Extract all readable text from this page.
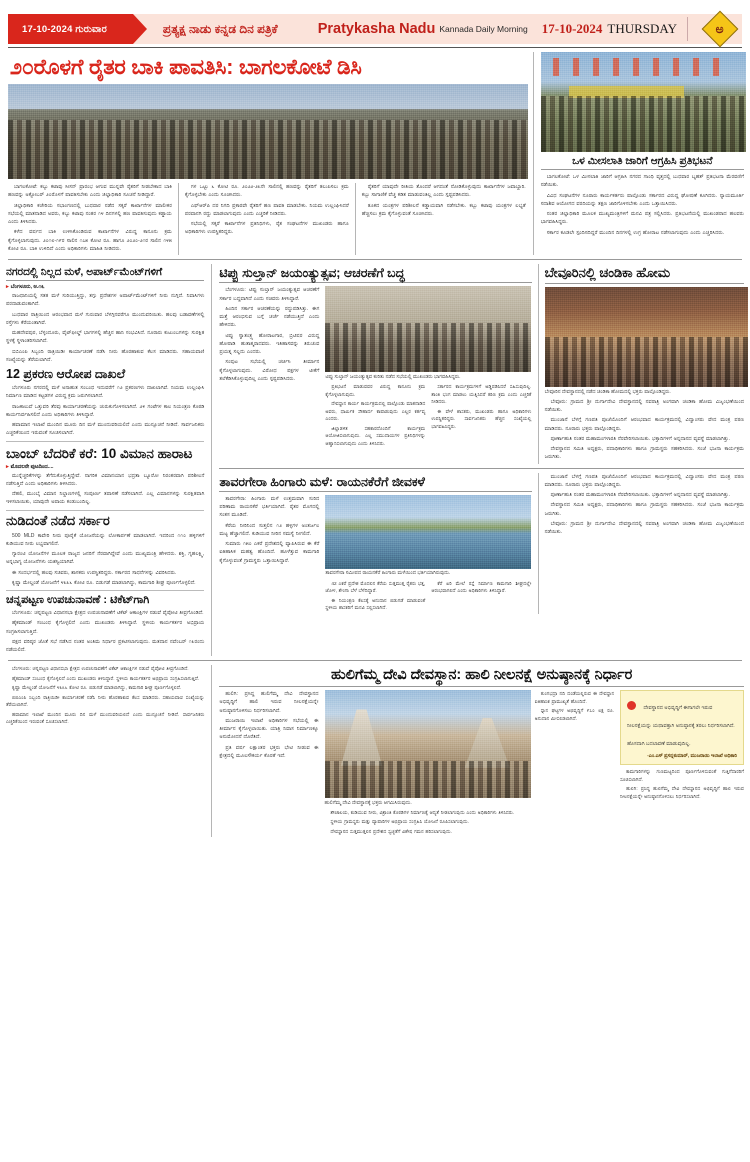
17-10-2024 ಗುರುವಾರ	ಪ್ರತ್ಯಕ್ಷ ನಾಡು ಕನ್ನಡ ದಿನ ಪತ್ರಿಕೆ	Pratykasha Nadu Kannada Daily Morning 17-10-2024 THURSDAY	ಅ
೨೦ರೊಳಗೆ ರೈತರ ಬಾಕಿ ಪಾವತಿಸಿ: ಬಾಗಲಕೋಟೆ ಡಿಸಿ

ಬಾಗಲಕೋಟೆ: ಕಬ್ಬು ಕಟಾವು ಸೀಸನ್ ಪ್ರಾರಂಭ ಆಗುವ ಮುನ್ನವೇ ರೈತರಿಗೆ ನೀಡಬೇಕಾದ ಬಾಕಿ ಹಣವನ್ನು ಅಕ್ಟೋಬರ್ ೨೦ರೊಳಗೆ ಪಾವತಿಸಬೇಕು ಎಂದು ಜಿಲ್ಲಾಧಿಕಾರಿ ಸೂಚನೆ ನೀಡಿದ್ದಾರೆ.

ಜಿಲ್ಲಾಧಿಕಾರಿ ಕಚೇರಿಯ ಸಭಾಂಗಣದಲ್ಲಿ ಬುಧವಾರ ನಡೆದ ಸಕ್ಕರೆ ಕಾರ್ಖಾನೆಗಳ ಮಾಲೀಕರ ಸಭೆಯಲ್ಲಿ ಮಾತನಾಡಿದ ಅವರು, ಕಬ್ಬು ಕಟಾವು ನಂತರ ೧೪ ದಿನಗಳಲ್ಲಿ ಹಣ ಪಾವತಿಸುವುದು ಕಡ್ಡಾಯ ಎಂದು ತಿಳಿಸಿದರು.

ಕಳೆದ ವರ್ಷದ ಬಾಕಿ ಉಳಿಸಿಕೊಂಡಿರುವ ಕಾರ್ಖಾನೆಗಳ ವಿರುದ್ಧ ಕಾನೂನು ಕ್ರಮ ಕೈಗೊಳ್ಳಲಾಗುವುದು. ೨೦೧೮-೧೯ರ ಸಾಲಿನ ೧೭೫ ಕೋಟಿ ರೂ. ಹಾಗೂ ೨೦೨೦-೨೧ರ ಸಾಲಿನ ೧೪೫ ಕೋಟಿ ರೂ. ಬಾಕಿ ಉಳಿದಿದೆ ಎಂದು ಅಧಿಕಾರಿಗಳು ಮಾಹಿತಿ ನೀಡಿದರು.

ಗಳ ಒಟ್ಟು ೬ ಕೋಟಿ ರೂ. ೨೦೨೨-೨೩ನೇ ಸಾಲಿನಲ್ಲಿ ಹಣವನ್ನು ರೈತರಿಗೆ ತಲುಪಿಸಲು ಕ್ರಮ ಕೈಗೊಳ್ಳಬೇಕು ಎಂದು ಸೂಚಿಸಿದರು.

ಎಫ್‌ಆರ್‌ಪಿ ದರ ನಿಗದಿ ಪ್ರಕಾರವೇ ರೈತರಿಗೆ ಹಣ ಪಾವತಿ ಮಾಡಬೇಕು. ನಿಯಮ ಉಲ್ಲಂಘಿಸಿದರೆ ಪರವಾನಗಿ ರದ್ದು ಮಾಡಲಾಗುವುದು ಎಂದು ಎಚ್ಚರಿಕೆ ನೀಡಿದರು.

ಸಭೆಯಲ್ಲಿ ಸಕ್ಕರೆ ಕಾರ್ಖಾನೆಗಳ ಪ್ರತಿನಿಧಿಗಳು, ರೈತ ಸಂಘಟನೆಗಳ ಮುಖಂಡರು ಹಾಗೂ ಅಧಿಕಾರಿಗಳು ಉಪಸ್ಥಿತರಿದ್ದರು.

ರೈತರಿಗೆ ಯಾವುದೇ ರೀತಿಯ ತೊಂದರೆ ಆಗದಂತೆ ನೋಡಿಕೊಳ್ಳುವುದು ಕಾರ್ಖಾನೆಗಳ ಜವಾಬ್ದಾರಿ. ಕಬ್ಬು ಸಾಗಾಣಿಕೆ ವೆಚ್ಚ ಕಡಿತ ಮಾಡುವಂತಿಲ್ಲ ಎಂದು ಸ್ಪಷ್ಟಪಡಿಸಿದರು.

ತೂಕದ ಯಂತ್ರಗಳ ಪರಿಶೀಲನೆ ಕಡ್ಡಾಯವಾಗಿ ನಡೆಸಬೇಕು. ಕಬ್ಬು ಕಟಾವು ಯಂತ್ರಗಳ ಲಭ್ಯತೆ ಹೆಚ್ಚಿಸಲು ಕ್ರಮ ಕೈಗೊಳ್ಳುವಂತೆ ಸೂಚಿಸಿದರು.

ಒಳ ಮೀಸಲಾತಿ ಜಾರಿಗೆ ಆಗ್ರಹಿಸಿ ಪ್ರತಿಭಟನೆ

ಬಾಗಲಕೋಟೆ: ಒಳ ಮೀಸಲಾತಿ ಜಾರಿಗೆ ಆಗ್ರಹಿಸಿ ನಗರದ ಗಾಂಧಿ ವೃತ್ತದಲ್ಲಿ ಬುಧವಾರ ಬೃಹತ್ ಪ್ರತಿಭಟನಾ ಮೆರವಣಿಗೆ ನಡೆಯಿತು.

ವಿವಿಧ ಸಂಘಟನೆಗಳ ನೂರಾರು ಕಾರ್ಯಕರ್ತರು ಪಾಲ್ಗೊಂಡು ಸರ್ಕಾರದ ವಿರುದ್ಧ ಘೋಷಣೆ ಕೂಗಿದರು. ನ್ಯಾಯಮೂರ್ತಿ ಸದಾಶಿವ ಆಯೋಗದ ವರದಿಯನ್ನು ತಕ್ಷಣ ಜಾರಿಗೊಳಿಸಬೇಕು ಎಂದು ಒತ್ತಾಯಿಸಿದರು.

ನಂತರ ಜಿಲ್ಲಾಧಿಕಾರಿ ಮೂಲಕ ಮುಖ್ಯಮಂತ್ರಿಗಳಿಗೆ ಮನವಿ ಪತ್ರ ಸಲ್ಲಿಸಿದರು. ಪ್ರತಿಭಟನೆಯಲ್ಲಿ ಮುಖಂಡರಾದ ಹಲವರು ಭಾಗವಹಿಸಿದ್ದರು.

ಸರ್ಕಾರ ಕೂಡಲೇ ಸ್ಪಂದಿಸದಿದ್ದರೆ ಮುಂದಿನ ದಿನಗಳಲ್ಲಿ ಉಗ್ರ ಹೋರಾಟ ನಡೆಸಲಾಗುವುದು ಎಂದು ಎಚ್ಚರಿಸಿದರು.

ನಗರದಲ್ಲಿ ನಿಲ್ಲದ ಮಳೆ, ಅಪಾರ್ಟ್‌ಮೆಂಟ್‌ಗಳಿಗೆ
▸ ಬೆಂಗಳೂರು, ಅ.೧೬

ರಾಜಧಾನಿಯಲ್ಲಿ ಸತತ ಮಳೆ ಸುರಿಯುತ್ತಿದ್ದು, ತಗ್ಗು ಪ್ರದೇಶಗಳ ಅಪಾರ್ಟ್‌ಮೆಂಟ್‌ಗಳಿಗೆ ನೀರು ನುಗ್ಗಿದೆ. ನಿವಾಸಿಗಳು ಪರದಾಡುವಂತಾಗಿದೆ.

ಬುಧವಾರ ರಾತ್ರಿಯಿಂದ ಆರಂಭವಾದ ಮಳೆ ಗುರುವಾರ ಬೆಳಗ್ಗಿನವರೆಗೂ ಮುಂದುವರಿಯಿತು. ಹಲವು ಬಡಾವಣೆಗಳಲ್ಲಿ ರಸ್ತೆಗಳು ಕೆರೆಯಂತಾಗಿವೆ.

ಮಹದೇವಪುರ, ಬೆಳ್ಳಂದೂರು, ವೈಟ್‌ಫೀಲ್ಡ್ ಭಾಗಗಳಲ್ಲಿ ಹೆಚ್ಚಿನ ಹಾನಿ ಸಂಭವಿಸಿದೆ. ನೂರಾರು ಕುಟುಂಬಗಳನ್ನು ಸುರಕ್ಷಿತ ಸ್ಥಳಕ್ಕೆ ಸ್ಥಳಾಂತರಿಸಲಾಗಿದೆ.

ಬಿಬಿಎಂಪಿ ಸಿಬ್ಬಂದಿ ರಾತ್ರಿಯಿಡೀ ಕಾರ್ಯಾಚರಣೆ ನಡೆಸಿ ನೀರು ಹೊರಹಾಕುವ ಕೆಲಸ ಮಾಡಿದರು. ಸಹಾಯವಾಣಿ ಸಂಖ್ಯೆಯನ್ನು ತೆರೆಯಲಾಗಿದೆ.

12 ಪ್ರಕರಣ ಆರೋಪ ದಾಖಲೆ

ಬೆಂಗಳೂರು ನಗರದಲ್ಲಿ ಮಳೆ ಅನಾಹುತ ಸಂಬಂಧ ಇದುವರೆಗೆ ೧೨ ಪ್ರಕರಣಗಳು ದಾಖಲಾಗಿವೆ. ನಿಯಮ ಉಲ್ಲಂಘಿಸಿ ನಿರ್ಮಾಣ ಮಾಡಿದ ಕಟ್ಟಡಗಳ ವಿರುದ್ಧ ಕ್ರಮ ಜರುಗಿಸಲಾಗಿದೆ.

ರಾಜಕಾಲುವೆ ಒತ್ತುವರಿ ತೆರವು ಕಾರ್ಯಾಚರಣೆಯನ್ನು ಚುರುಕುಗೊಳಿಸಲಾಗಿದೆ. ೨೪ ಗಂಟೆಗಳ ಕಾಲ ನಿಯಂತ್ರಣ ಕೊಠಡಿ ಕಾರ್ಯನಿರ್ವಹಿಸಲಿದೆ ಎಂದು ಅಧಿಕಾರಿಗಳು ತಿಳಿಸಿದ್ದಾರೆ.

ಹವಾಮಾನ ಇಲಾಖೆ ಮುಂದಿನ ಮೂರು ದಿನ ಮಳೆ ಮುಂದುವರಿಯಲಿದೆ ಎಂದು ಮುನ್ಸೂಚನೆ ನೀಡಿದೆ. ಸಾರ್ವಜನಿಕರು ಎಚ್ಚರಿಕೆಯಿಂದ ಇರುವಂತೆ ಸೂಚಿಸಲಾಗಿದೆ.

ಬಾಂಬ್ ಬೆದರಿಕೆ ಕರೆ: 10 ವಿಮಾನ ಹಾರಾಟ
▸ ಮೊದಲನೇ ಪುಟದಿಂದ....

ಮುನ್ನೆಚ್ಚರಿಕೆಗಳನ್ನು ತೆಗೆದುಕೊಳ್ಳುತ್ತಿದ್ದೇವೆ. ನಾಗರಿಕ ವಿಮಾನಯಾನ ಭದ್ರತಾ ಬ್ಯೂರೋ ನಿರಂತರವಾಗಿ ಪರಿಶೀಲನೆ ನಡೆಸುತ್ತಿದೆ ಎಂದು ಅಧಿಕಾರಿಗಳು ತಿಳಿಸಿದರು.

ದೆಹಲಿ, ಮುಂಬೈ ವಿಮಾನ ನಿಲ್ದಾಣಗಳಲ್ಲಿ ಸಂಪೂರ್ಣ ತಪಾಸಣೆ ನಡೆಸಲಾಗಿದೆ. ಎಲ್ಲ ವಿಮಾನಗಳನ್ನು ಸುರಕ್ಷಿತವಾಗಿ ಇಳಿಸಲಾಯಿತು, ಯಾವುದೇ ಅಪಾಯ ಕಂಡುಬಂದಿಲ್ಲ.

ನುಡಿದಂತೆ ನಡೆದ ಸರ್ಕಾರ

500 MLD ಕಾವೇರಿ ನೀರು ಪೂರೈಕೆ ಯೋಜನೆಯನ್ನು ಲೋಕಾರ್ಪಣೆ ಮಾಡಲಾಗಿದೆ. ಇದರಿಂದ ೧೧೦ ಹಳ್ಳಿಗಳಿಗೆ ಕುಡಿಯುವ ನೀರು ಲಭ್ಯವಾಗಲಿದೆ.

ಗ್ಯಾರಂಟಿ ಯೋಜನೆಗಳ ಮೂಲಕ ರಾಜ್ಯದ ಜನರಿಗೆ ನೆರವಾಗಿದ್ದೇವೆ ಎಂದು ಮುಖ್ಯಮಂತ್ರಿ ಹೇಳಿದರು. ಶಕ್ತಿ, ಗೃಹಲಕ್ಷ್ಮಿ, ಅನ್ನಭಾಗ್ಯ ಯೋಜನೆಗಳು ಯಶಸ್ವಿಯಾಗಿವೆ.

ಈ ಸಂದರ್ಭದಲ್ಲಿ ಹಲವು ಸಚಿವರು, ಶಾಸಕರು ಉಪಸ್ಥಿತರಿದ್ದರು. ಸರ್ಕಾರದ ಸಾಧನೆಗಳನ್ನು ವಿವರಿಸಿದರು.

ಕೃಷ್ಣಾ ಮೇಲ್ದಂಡೆ ಯೋಜನೆಗೆ ೪೩೩೬ ಕೋಟಿ ರೂ. ಬಿಡುಗಡೆ ಮಾಡಲಾಗಿದ್ದು, ಕಾಮಗಾರಿ ಶೀಘ್ರ ಪೂರ್ಣಗೊಳ್ಳಲಿದೆ.

ಚನ್ನಪಟ್ಟಣ ಉಪಚುನಾವಣೆ : ಟಿಕೆಟ್‌ಗಾಗಿ

ಬೆಂಗಳೂರು: ಚನ್ನಪಟ್ಟಣ ವಿಧಾನಸಭಾ ಕ್ಷೇತ್ರದ ಉಪಚುನಾವಣೆಗೆ ಟಿಕೆಟ್ ಆಕಾಂಕ್ಷಿಗಳ ನಡುವೆ ಪೈಪೋಟಿ ತೀವ್ರಗೊಂಡಿದೆ.

ಹೈಕಮಾಂಡ್ ಸಂಬಂಧ ಕೈಗೊಳ್ಳಲಿದೆ ಎಂದು ಮುಖಂಡರು ತಿಳಿಸಿದ್ದಾರೆ. ಸ್ಥಳೀಯ ಕಾರ್ಯಕರ್ತರ ಅಭಿಪ್ರಾಯ ಸಂಗ್ರಹಿಸಲಾಗುತ್ತಿದೆ.

ಪಕ್ಷದ ವರಿಷ್ಠರ ಜೊತೆ ಸಭೆ ನಡೆಸಿದ ನಂತರ ಅಂತಿಮ ನಿರ್ಧಾರ ಪ್ರಕಟಿಸಲಾಗುವುದು. ಮತದಾನ ನವೆಂಬರ್ ೧೩ರಂದು ನಡೆಯಲಿದೆ.

ಟಿಪ್ಪು ಸುಲ್ತಾನ್ ಜಯಂತ್ಯುತ್ಸವ; ಆಚರಣೆಗೆ ಬದ್ಧ

ಬೆಂಗಳೂರು: ಟಿಪ್ಪು ಸುಲ್ತಾನ್ ಜಯಂತ್ಯುತ್ಸವ ಆಚರಣೆಗೆ ಸರ್ಕಾರ ಬದ್ಧವಾಗಿದೆ ಎಂದು ಸಚಿವರು ತಿಳಿಸಿದ್ದಾರೆ.

ಹಿಂದಿನ ಸರ್ಕಾರ ಆಚರಣೆಯನ್ನು ರದ್ದುಪಡಿಸಿತ್ತು. ಈಗ ಮತ್ತೆ ಆರಂಭಿಸುವ ಬಗ್ಗೆ ಚರ್ಚೆ ನಡೆಯುತ್ತಿದೆ ಎಂದು ಹೇಳಿದರು.

ಟಿಪ್ಪು ಸ್ವಾತಂತ್ರ್ಯ ಹೋರಾಟಗಾರ, ಬ್ರಿಟಿಷರ ವಿರುದ್ಧ ಹೋರಾಡಿ ಹುತಾತ್ಮರಾದವರು. ಇತಿಹಾಸವನ್ನು ತಿರುಚುವ ಪ್ರಯತ್ನ ಸಲ್ಲದು ಎಂದರು.

ಸಂಪುಟ ಸಭೆಯಲ್ಲಿ ಚರ್ಚಿಸಿ ತೀರ್ಮಾನ ಕೈಗೊಳ್ಳಲಾಗುವುದು. ವಿರೋಧ ಪಕ್ಷಗಳ ಟೀಕೆಗೆ ತಲೆಕೆಡಿಸಿಕೊಳ್ಳುವುದಿಲ್ಲ ಎಂದು ಸ್ಪಷ್ಟಪಡಿಸಿದರು.	ಟಿಪ್ಪು ಸುಲ್ತಾನ್ ಜಯಂತ್ಯುತ್ಸವ ಕುರಿತು ನಡೆದ ಸಭೆಯಲ್ಲಿ ಮುಖಂಡರು ಭಾಗವಹಿಸಿದ್ದರು.

ಪ್ರತಿಭಟನೆ ಮಾಡುವವರ ವಿರುದ್ಧ ಕಾನೂನು ಕ್ರಮ ಕೈಗೊಳ್ಳಲಾಗುವುದು.

ದೇವಸ್ಥಾನ ಕಾರ್ಯ ಕಾರ್ಯಕ್ರಮದಲ್ಲಿ ಪಾಲ್ಗೊಂಡು ಮಾತನಾಡಿದ ಅವರು, ಧಾರ್ಮಿಕ ಸೌಹಾರ್ದ ಕಾಪಾಡುವುದು ಎಲ್ಲರ ಕರ್ತವ್ಯ ಎಂದರು.

ಜಿಲ್ಲಾಡಳಿತ ಸಹಕಾರದೊಂದಿಗೆ ಕಾರ್ಯಕ್ರಮ ಆಯೋಜಿಸಲಾಗುವುದು. ಎಲ್ಲ ಸಮುದಾಯಗಳ ಪ್ರತಿನಿಧಿಗಳನ್ನು ಆಹ್ವಾನಿಸಲಾಗುವುದು ಎಂದು ತಿಳಿಸಿದರು.

ಸರ್ಕಾರದ ಕಾರ್ಯಕ್ರಮಗಳಿಗೆ ಅಡ್ಡಿಪಡಿಸಿದರೆ ಸಹಿಸುವುದಿಲ್ಲ. ಶಾಂತಿ ಭಂಗ ಮಾಡಲು ಯತ್ನಿಸಿದರೆ ಕಠಿಣ ಕ್ರಮ ಎಂದು ಎಚ್ಚರಿಕೆ ನೀಡಿದರು.

ಈ ವೇಳೆ ಶಾಸಕರು, ಮುಖಂಡರು ಹಾಗೂ ಅಧಿಕಾರಿಗಳು ಉಪಸ್ಥಿತರಿದ್ದರು. ಸಾರ್ವಜನಿಕರು ಹೆಚ್ಚಿನ ಸಂಖ್ಯೆಯಲ್ಲಿ ಭಾಗವಹಿಸಿದ್ದರು.

ಬೇವೂರಿನಲ್ಲಿ ಚಂಡಿಕಾ ಹೋಮ
ಬೇವೂರಿನ ದೇವಸ್ಥಾನದಲ್ಲಿ ನಡೆದ ಚಂಡಿಕಾ ಹೋಮದಲ್ಲಿ ಭಕ್ತರು ಪಾಲ್ಗೊಂಡಿದ್ದರು.

ಬೇವೂರು: ಗ್ರಾಮದ ಶ್ರೀ ದುರ್ಗಾದೇವಿ ದೇವಸ್ಥಾನದಲ್ಲಿ ನವರಾತ್ರಿ ಅಂಗವಾಗಿ ಚಂಡಿಕಾ ಹೋಮ ವಿಜೃಂಭಣೆಯಿಂದ ನಡೆಯಿತು.

ಮುಂಜಾನೆ ಬೆಳಗ್ಗೆ ಗಣಪತಿ ಪೂಜೆಯೊಂದಿಗೆ ಆರಂಭವಾದ ಕಾರ್ಯಕ್ರಮದಲ್ಲಿ ವಿದ್ವಾಂಸರು ವೇದ ಮಂತ್ರ ಪಠಣ ಮಾಡಿದರು. ನೂರಾರು ಭಕ್ತರು ಪಾಲ್ಗೊಂಡಿದ್ದರು.

ಪೂರ್ಣಾಹುತಿ ನಂತರ ಮಹಾಮಂಗಳಾರತಿ ನೆರವೇರಿಸಲಾಯಿತು. ಭಕ್ತಾದಿಗಳಿಗೆ ಅನ್ನದಾನದ ವ್ಯವಸ್ಥೆ ಮಾಡಲಾಗಿತ್ತು.

ದೇವಸ್ಥಾನದ ಸಮಿತಿ ಅಧ್ಯಕ್ಷರು, ಪದಾಧಿಕಾರಿಗಳು ಹಾಗೂ ಗ್ರಾಮಸ್ಥರು ಸಹಕರಿಸಿದರು. ಸಂಜೆ ಭಜನಾ ಕಾರ್ಯಕ್ರಮ ಜರುಗಿತು.

ತಾವರಗೇರಾ ಹಿಂಗಾರು ಮಳೆ: ರಾಯನಕೆರೆಗೆ ಜೀವಕಳೆ

ತಾವರಗೇರಾ: ಹಿಂಗಾರು ಮಳೆ ಉತ್ತಮವಾಗಿ ಸುರಿದ ಪರಿಣಾಮ ರಾಯನಕೆರೆ ಭರ್ತಿಯಾಗಿದೆ. ರೈತರ ಮೊಗದಲ್ಲಿ ಸಂತಸ ಮೂಡಿದೆ.

ಕೆರೆಯ ನೀರಿನಿಂದ ಸುತ್ತಲಿನ ೧೨ ಹಳ್ಳಿಗಳ ಅಂತರ್ಜಲ ಮಟ್ಟ ಹೆಚ್ಚಾಗಲಿದೆ. ಕುಡಿಯುವ ನೀರಿನ ಸಮಸ್ಯೆ ನೀಗಲಿದೆ.

ಸುಮಾರು ೧೫೦ ಎಕರೆ ಪ್ರದೇಶದಲ್ಲಿ ವ್ಯಾಪಿಸಿರುವ ಈ ಕೆರೆ ಐತಿಹಾಸಿಕ ಮಹತ್ವ ಹೊಂದಿದೆ. ಹೂಳೆತ್ತುವ ಕಾಮಗಾರಿ ಕೈಗೊಳ್ಳುವಂತೆ ಗ್ರಾಮಸ್ಥರು ಒತ್ತಾಯಿಸಿದ್ದಾರೆ.

ತಾವರಗೇರಾ ಸಮೀಪದ ರಾಯನಕೆರೆ ಹಿಂಗಾರು ಮಳೆಯಿಂದ ಭರ್ತಿಯಾಗಿರುವುದು.

42 ಎಕರೆ ಪ್ರದೇಶ ಮೊದಲಿನ ಕೆರೆಯ ಸುತ್ತಮುತ್ತ ರೈತರು ಭತ್ತ, ಜೋಳ, ಶೇಂಗಾ ಬೆಳೆ ಬೆಳೆದಿದ್ದಾರೆ.

ಈ ನಿಯಂತ್ರಣ ಕೆಲಸಕ್ಕೆ ಅನುದಾನ ಬಿಡುಗಡೆ ಮಾಡುವಂತೆ ಸ್ಥಳೀಯ ಶಾಸಕರಿಗೆ ಮನವಿ ಸಲ್ಲಿಸಲಾಗಿದೆ.

ಕೆರೆ ಏರಿ ಮೇಲೆ ರಸ್ತೆ ನಿರ್ಮಾಣ ಕಾಮಗಾರಿ ಶೀಘ್ರದಲ್ಲೇ ಆರಂಭವಾಗಲಿದೆ ಎಂದು ಅಧಿಕಾರಿಗಳು ತಿಳಿಸಿದ್ದಾರೆ.

ಮುಂಜಾನೆ ಬೆಳಗ್ಗೆ ಗಣಪತಿ ಪೂಜೆಯೊಂದಿಗೆ ಆರಂಭವಾದ ಕಾರ್ಯಕ್ರಮದಲ್ಲಿ ವಿದ್ವಾಂಸರು ವೇದ ಮಂತ್ರ ಪಠಣ ಮಾಡಿದರು. ನೂರಾರು ಭಕ್ತರು ಪಾಲ್ಗೊಂಡಿದ್ದರು.

ಪೂರ್ಣಾಹುತಿ ನಂತರ ಮಹಾಮಂಗಳಾರತಿ ನೆರವೇರಿಸಲಾಯಿತು. ಭಕ್ತಾದಿಗಳಿಗೆ ಅನ್ನದಾನದ ವ್ಯವಸ್ಥೆ ಮಾಡಲಾಗಿತ್ತು.

ದೇವಸ್ಥಾನದ ಸಮಿತಿ ಅಧ್ಯಕ್ಷರು, ಪದಾಧಿಕಾರಿಗಳು ಹಾಗೂ ಗ್ರಾಮಸ್ಥರು ಸಹಕರಿಸಿದರು. ಸಂಜೆ ಭಜನಾ ಕಾರ್ಯಕ್ರಮ ಜರುಗಿತು.

ಬೇವೂರು: ಗ್ರಾಮದ ಶ್ರೀ ದುರ್ಗಾದೇವಿ ದೇವಸ್ಥಾನದಲ್ಲಿ ನವರಾತ್ರಿ ಅಂಗವಾಗಿ ಚಂಡಿಕಾ ಹೋಮ ವಿಜೃಂಭಣೆಯಿಂದ ನಡೆಯಿತು.

ಬೆಂಗಳೂರು: ಚನ್ನಪಟ್ಟಣ ವಿಧಾನಸಭಾ ಕ್ಷೇತ್ರದ ಉಪಚುನಾವಣೆಗೆ ಟಿಕೆಟ್ ಆಕಾಂಕ್ಷಿಗಳ ನಡುವೆ ಪೈಪೋಟಿ ತೀವ್ರಗೊಂಡಿದೆ.

ಹೈಕಮಾಂಡ್ ಸಂಬಂಧ ಕೈಗೊಳ್ಳಲಿದೆ ಎಂದು ಮುಖಂಡರು ತಿಳಿಸಿದ್ದಾರೆ. ಸ್ಥಳೀಯ ಕಾರ್ಯಕರ್ತರ ಅಭಿಪ್ರಾಯ ಸಂಗ್ರಹಿಸಲಾಗುತ್ತಿದೆ.

ಕೃಷ್ಣಾ ಮೇಲ್ದಂಡೆ ಯೋಜನೆಗೆ ೪೩೩೬ ಕೋಟಿ ರೂ. ಬಿಡುಗಡೆ ಮಾಡಲಾಗಿದ್ದು, ಕಾಮಗಾರಿ ಶೀಘ್ರ ಪೂರ್ಣಗೊಳ್ಳಲಿದೆ.

ಬಿಬಿಎಂಪಿ ಸಿಬ್ಬಂದಿ ರಾತ್ರಿಯಿಡೀ ಕಾರ್ಯಾಚರಣೆ ನಡೆಸಿ ನೀರು ಹೊರಹಾಕುವ ಕೆಲಸ ಮಾಡಿದರು. ಸಹಾಯವಾಣಿ ಸಂಖ್ಯೆಯನ್ನು ತೆರೆಯಲಾಗಿದೆ.

ಹವಾಮಾನ ಇಲಾಖೆ ಮುಂದಿನ ಮೂರು ದಿನ ಮಳೆ ಮುಂದುವರಿಯಲಿದೆ ಎಂದು ಮುನ್ಸೂಚನೆ ನೀಡಿದೆ. ಸಾರ್ವಜನಿಕರು ಎಚ್ಚರಿಕೆಯಿಂದ ಇರುವಂತೆ ಸೂಚಿಸಲಾಗಿದೆ.

ಹುಲಿಗೆಮ್ಮ ದೇವಿ ದೇವಸ್ಥಾನ: ಹಾಲಿ ನೀಲನಕ್ಷೆ ಅನುಷ್ಠಾನಕ್ಕೆ ನಿರ್ಧಾರ

ಹುಲಿಗಿ: ಪ್ರಸಿದ್ಧ ಹುಲಿಗೆಮ್ಮ ದೇವಿ ದೇವಸ್ಥಾನದ ಅಭಿವೃದ್ಧಿಗೆ ಹಾಲಿ ಇರುವ ನೀಲನಕ್ಷೆಯನ್ನೇ ಅನುಷ್ಠಾನಗೊಳಿಸಲು ನಿರ್ಧರಿಸಲಾಗಿದೆ.

ಮುಜರಾಯಿ ಇಲಾಖೆ ಅಧಿಕಾರಿಗಳ ಸಭೆಯಲ್ಲಿ ಈ ತೀರ್ಮಾನ ಕೈಗೊಳ್ಳಲಾಯಿತು. ಯಾತ್ರಿ ನಿವಾಸ ನಿರ್ಮಾಣಕ್ಕೂ ಅನುಮೋದನೆ ದೊರೆತಿದೆ.

ಪ್ರತಿ ವರ್ಷ ಲಕ್ಷಾಂತರ ಭಕ್ತರು ಭೇಟಿ ನೀಡುವ ಈ ಕ್ಷೇತ್ರದಲ್ಲಿ ಮೂಲಸೌಕರ್ಯ ಕೊರತೆ ಇದೆ.

ಹುಲಿಗೆಮ್ಮ ದೇವಿ ದೇವಸ್ಥಾನಕ್ಕೆ ಭಕ್ತರು ಆಗಮಿಸಿರುವುದು.

ಶೌಚಾಲಯ, ಕುಡಿಯುವ ನೀರು, ವಿಶ್ರಾಂತಿ ಕೊಠಡಿಗಳ ನಿರ್ಮಾಣಕ್ಕೆ ಆದ್ಯತೆ ನೀಡಲಾಗುವುದು ಎಂದು ಅಧಿಕಾರಿಗಳು ತಿಳಿಸಿದರು.

ಸ್ಥಳೀಯ ಗ್ರಾಮಸ್ಥರು ಮತ್ತು ವ್ಯಾಪಾರಿಗಳ ಅಭಿಪ್ರಾಯ ಸಂಗ್ರಹಿಸಿ ಯೋಜನೆ ರೂಪಿಸಲಾಗುವುದು.

ದೇವಸ್ಥಾನದ ಸುತ್ತಮುತ್ತಲಿನ ಪ್ರದೇಶದ ಸ್ವಚ್ಛತೆಗೆ ವಿಶೇಷ ಗಮನ ಹರಿಸಲಾಗುವುದು.

ತುಂಗಭದ್ರಾ ನದಿ ದಂಡೆಯಲ್ಲಿರುವ ಈ ದೇವಸ್ಥಾನ ಐತಿಹಾಸಿಕ ಪ್ರಾಮುಖ್ಯತೆ ಹೊಂದಿದೆ.

ಸ್ನಾನ ಘಟ್ಟಗಳ ಅಭಿವೃದ್ಧಿಗೆ ೯೭೦ ಲಕ್ಷ ರೂ. ಅನುದಾನ ಮೀಸಲಿಡಲಾಗಿದೆ.

ದೇವಸ್ಥಾನದ ಅಭಿವೃದ್ಧಿಗೆ ಈಗಾಗಲೇ ಇರುವ ನೀಲನಕ್ಷೆಯನ್ನು ಯಥಾವತ್ತಾಗಿ ಅನುಷ್ಠಾನಕ್ಕೆ ತರಲು ನಿರ್ಧರಿಸಲಾಗಿದೆ. ಹೊಸದಾಗಿ ಬದಲಾವಣೆ ಮಾಡುವುದಿಲ್ಲ.
-ಎಂ.ಎಸ್ ಪ್ರಸನ್ನಕುಮಾರ್, ಮುಜರಾಯಿ ಇಲಾಖೆ ಅಧಿಕಾರಿ

ಕಾಮಗಾರಿಗಳನ್ನು ಗುಣಮಟ್ಟದಿಂದ ಪೂರ್ಣಗೊಳಿಸುವಂತೆ ಗುತ್ತಿಗೆದಾರರಿಗೆ ಸೂಚಿಸಲಾಗಿದೆ.

ಹುಲಿಗಿ: ಪ್ರಸಿದ್ಧ ಹುಲಿಗೆಮ್ಮ ದೇವಿ ದೇವಸ್ಥಾನದ ಅಭಿವೃದ್ಧಿಗೆ ಹಾಲಿ ಇರುವ ನೀಲನಕ್ಷೆಯನ್ನೇ ಅನುಷ್ಠಾನಗೊಳಿಸಲು ನಿರ್ಧರಿಸಲಾಗಿದೆ.
